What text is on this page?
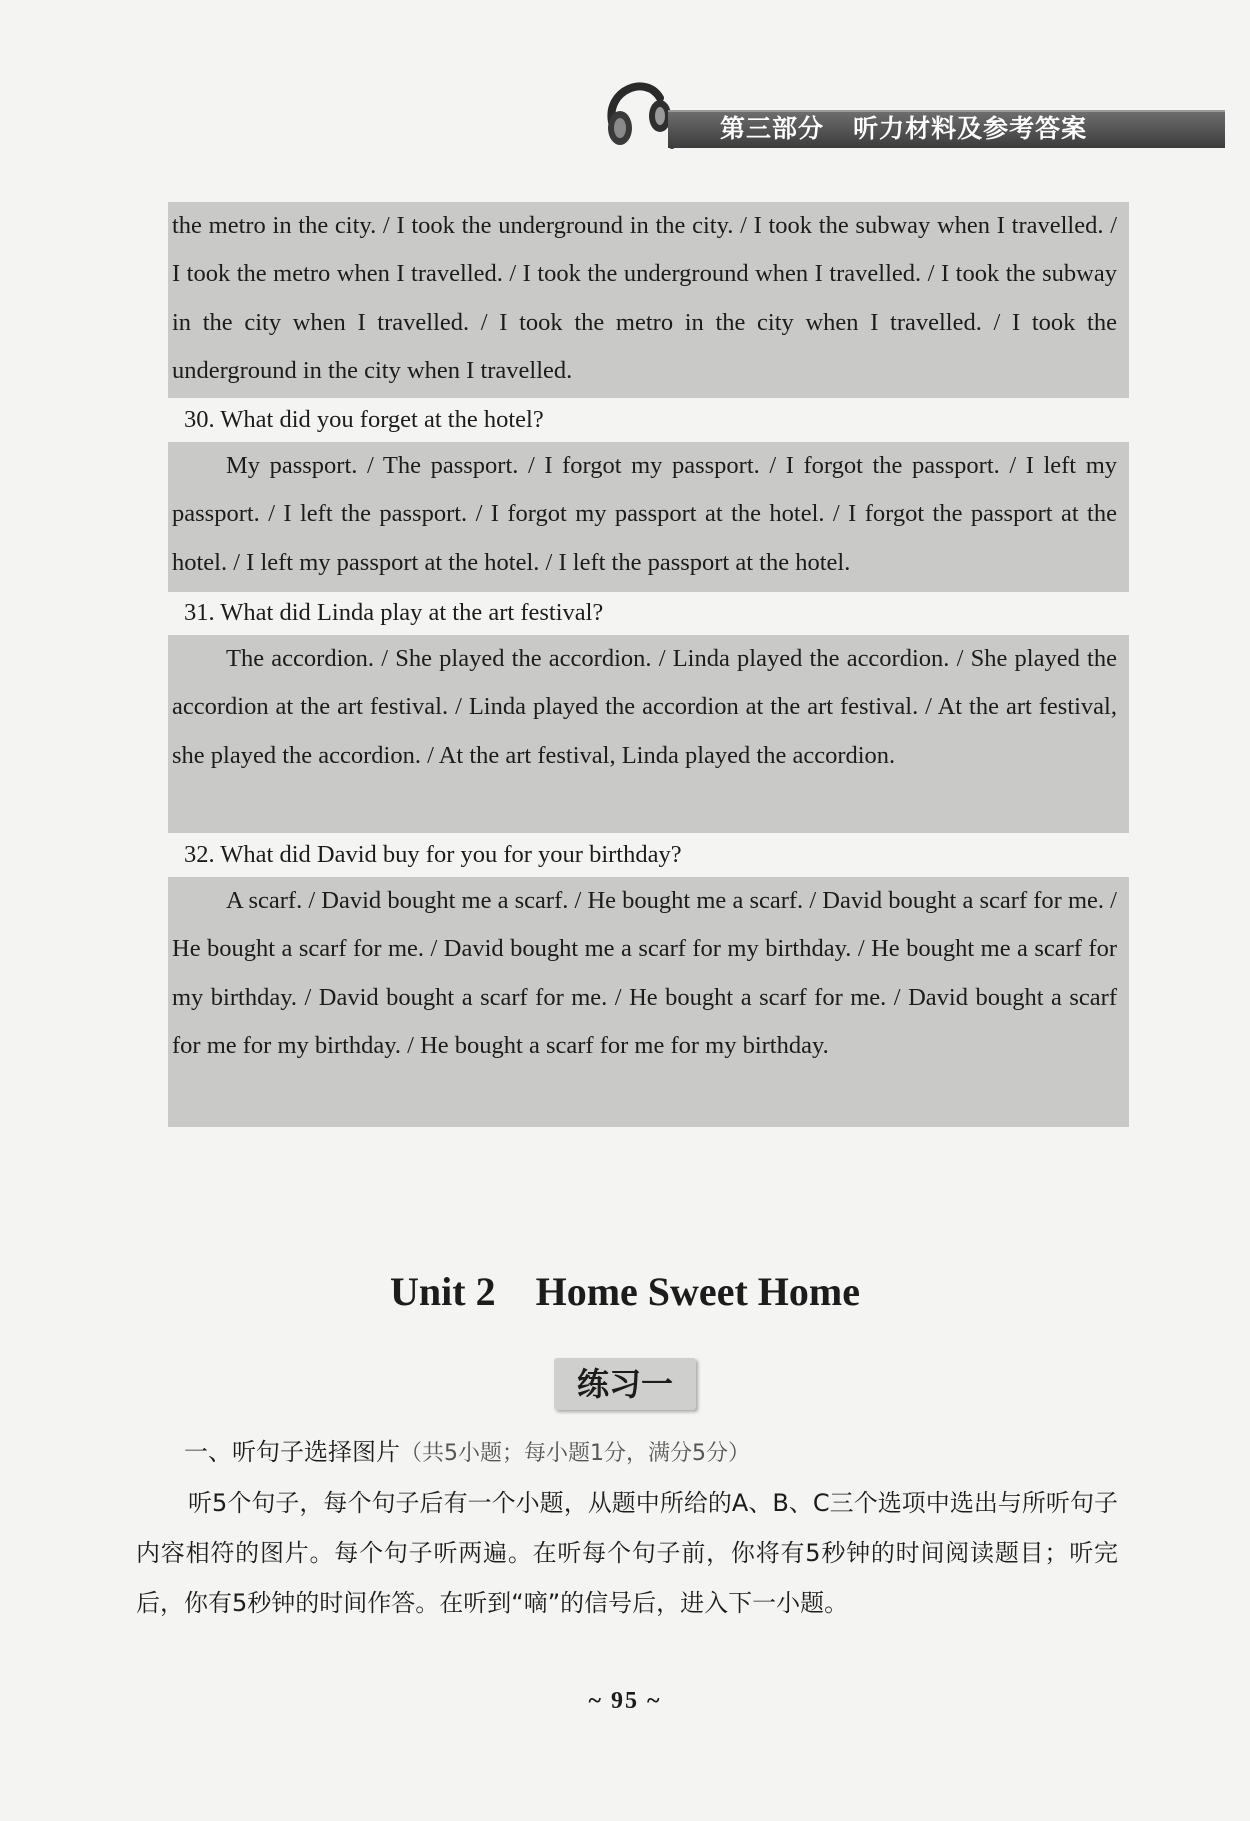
第三部分   听力材料及参考答案
the metro in the city. / I took the underground in the city. / I took the subway when I travelled. / I took the metro when I travelled. / I took the underground when I travelled. / I took the subway in the city when I travelled. / I took the metro in the city when I travelled. / I took the underground in the city when I travelled.
30. What did you forget at the hotel?
My passport. / The passport. / I forgot my passport. / I forgot the passport. / I left my passport. / I left the passport. / I forgot my passport at the hotel. / I forgot the passport at the hotel. / I left my passport at the hotel. / I left the passport at the hotel.
31. What did Linda play at the art festival?
The accordion. / She played the accordion. / Linda played the accordion. / She played the accordion at the art festival. / Linda played the accordion at the art festival. / At the art festival, she played the accordion. / At the art festival, Linda played the accordion.
32. What did David buy for you for your birthday?
A scarf. / David bought me a scarf. / He bought me a scarf. / David bought a scarf for me. / He bought a scarf for me. / David bought me a scarf for my birthday. / He bought me a scarf for my birthday. / David bought a scarf for me. / He bought a scarf for me. / David bought a scarf for me for my birthday. / He bought a scarf for me for my birthday.
Unit 2    Home Sweet Home
练习一
一、听句子选择图片（共5小题；每小题1分，满分5分）
听5个句子，每个句子后有一个小题，从题中所给的A、B、C三个选项中选出与所听句子内容相符的图片。每个句子听两遍。在听每个句子前，你将有5秒钟的时间阅读题目；听完后，你有5秒钟的时间作答。在听到“嘀”的信号后，进入下一小题。
~ 95 ~
